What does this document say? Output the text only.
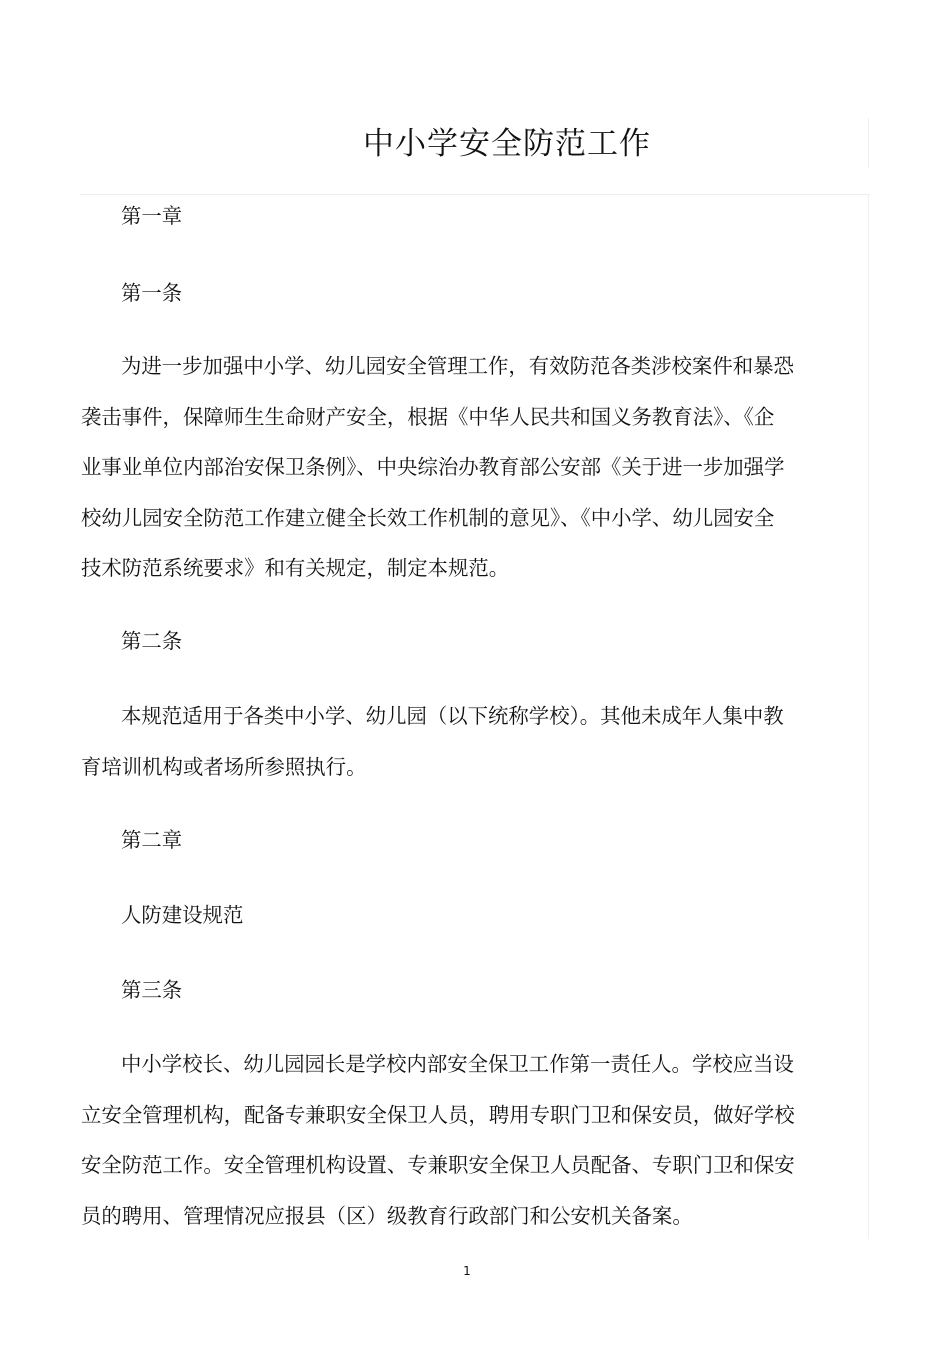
中小学安全防范工作
第一章
第一条
为进一步加强中小学、幼儿园安全管理工作，有效防范各类涉校案件和暴恐
袭击事件，保障师生生命财产安全，根据《中华人民共和国义务教育法》、《企
业事业单位内部治安保卫条例》、中央综治办教育部公安部《关于进一步加强学
校幼儿园安全防范工作建立健全长效工作机制的意见》、《中小学、幼儿园安全
技术防范系统要求》和有关规定，制定本规范。
第二条
本规范适用于各类中小学、幼儿园（以下统称学校）。其他未成年人集中教
育培训机构或者场所参照执行。
第二章
人防建设规范
第三条
中小学校长、幼儿园园长是学校内部安全保卫工作第一责任人。学校应当设
立安全管理机构，配备专兼职安全保卫人员，聘用专职门卫和保安员，做好学校
安全防范工作。安全管理机构设置、专兼职安全保卫人员配备、专职门卫和保安
员的聘用、管理情况应报县（区）级教育行政部门和公安机关备案。
1
